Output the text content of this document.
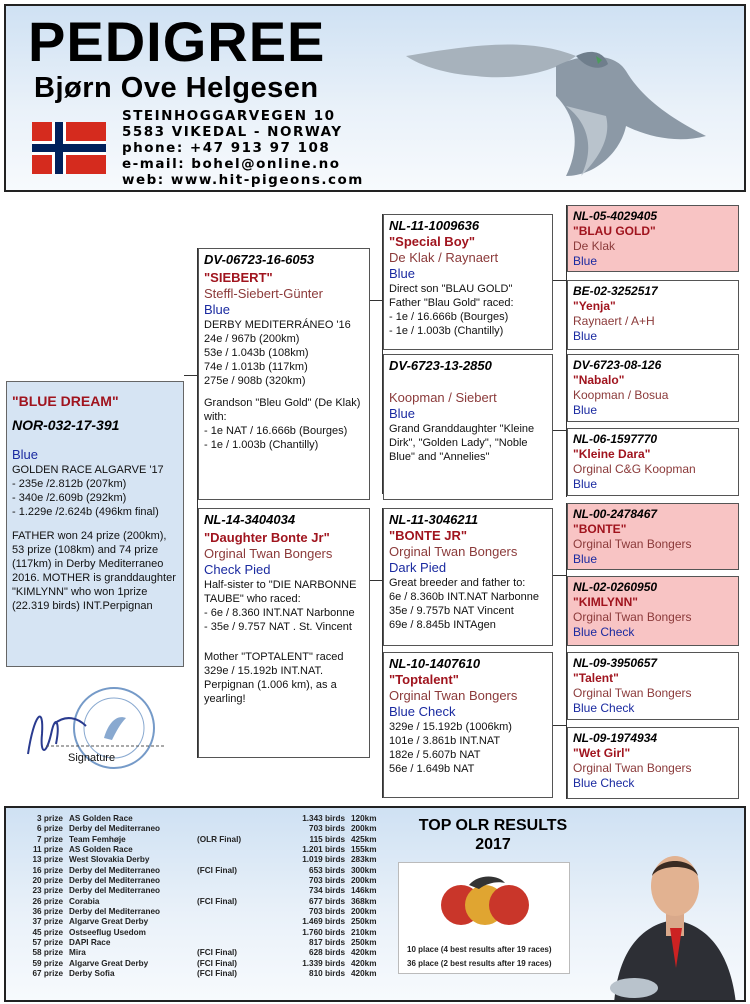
PEDIGREE
Bjørn Ove Helgesen
STEINHOGGARVEGEN 10
5583 VIKEDAL - NORWAY
phone: +47 913 97 108
e-mail: bohel@online.no
web: www.hit-pigeons.com
"BLUE DREAM"
NOR-032-17-391
Blue
GOLDEN RACE ALGARVE '17
- 235e /2.812b (207km)
- 340e /2.609b (292km)
- 1.229e /2.624b (496km final)
FATHER won 24 prize (200km), 53 prize (108km) and 74 prize (117km) in Derby Mediterraneo 2016. MOTHER is granddaughter "KIMLYNN" who won 1prize (22.319 birds) INT.Perpignan
DV-06723-16-6053
"SIEBERT"
Steffl-Siebert-Günter
Blue
DERBY MEDITERRÁNEO '16
24e / 967b (200km)
53e / 1.043b (108km)
74e / 1.013b (117km)
275e / 908b (320km)
Grandson "Bleu Gold" (De Klak) with:
- 1e NAT / 16.666b (Bourges)
- 1e / 1.003b (Chantilly)
NL-14-3404034
"Daughter Bonte Jr"
Orginal Twan Bongers
Check Pied
Half-sister to "DIE NARBONNE TAUBE" who raced:
- 6e / 8.360 INT.NAT Narbonne
- 35e / 9.757 NAT . St. Vincent
Mother "TOPTALENT" raced 329e / 15.192b INT.NAT. Perpignan (1.006 km), as a yearling!
NL-11-1009636
"Special Boy"
De Klak / Raynaert
Blue
Direct son "BLAU GOLD"
Father "Blau Gold" raced:
- 1e / 16.666b (Bourges)
- 1e / 1.003b (Chantilly)
DV-6723-13-2850
Koopman / Siebert
Blue
Grand Granddaughter "Kleine Dirk", "Golden Lady", "Noble Blue" and "Annelies"
NL-11-3046211
"BONTE JR"
Orginal Twan Bongers
Dark Pied
Great breeder and father to:
6e / 8.360b INT.NAT Narbonne
35e / 9.757b NAT Vincent
69e / 8.845b INTAgen
NL-10-1407610
"Toptalent"
Orginal Twan Bongers
Blue Check
329e / 15.192b (1006km)
101e / 3.861b INT.NAT
182e / 5.607b NAT
56e / 1.649b NAT
NL-05-4029405
"BLAU GOLD"
De Klak
Blue
BE-02-3252517
"Yenja"
Raynaert / A+H
Blue
DV-6723-08-126
"Nabalo"
Koopman / Bosua
Blue
NL-06-1597770
"Kleine Dara"
Orginal C&G Koopman
Blue
NL-00-2478467
"BONTE"
Orginal Twan Bongers
Blue
NL-02-0260950
"KIMLYNN"
Orginal Twan Bongers
Blue Check
NL-09-3950657
"Talent"
Orginal Twan Bongers
Blue Check
NL-09-1974934
"Wet Girl"
Orginal Twan Bongers
Blue Check
Signature
3 prize	AS Golden Race		1.343 birds	120km
6 prize	Derby del Mediterraneo		703 birds	200km
7 prize	Team Femhøje	(OLR Final)	115 birds	425km
11 prize	AS Golden Race		1.201 birds	155km
13 prize	West Slovakia Derby		1.019 birds	283km
16 prize	Derby del Mediterraneo	(FCI Final)	653 birds	300km
20 prize	Derby del Mediterraneo		703 birds	200km
23 prize	Derby del Mediterraneo		734 birds	146km
26 prize	Corabia	(FCI Final)	677 birds	368km
36 prize	Derby del Mediterraneo		703 birds	200km
37 prize	Algarve Great Derby		1.469 birds	250km
45 prize	Ostseeflug Usedom		1.760 birds	210km
57 prize	DAPI Race		817 birds	250km
58 prize	Mira	(FCI Final)	628 birds	420km
59 prize	Algarve Great Derby	(FCI Final)	1.339 birds	420km
67 prize	Derby Sofia	(FCI Final)	810 birds	420km
TOP OLR RESULTS 2017
10 place (4 best results after 19 races)
36 place (2 best results after 19 races)
